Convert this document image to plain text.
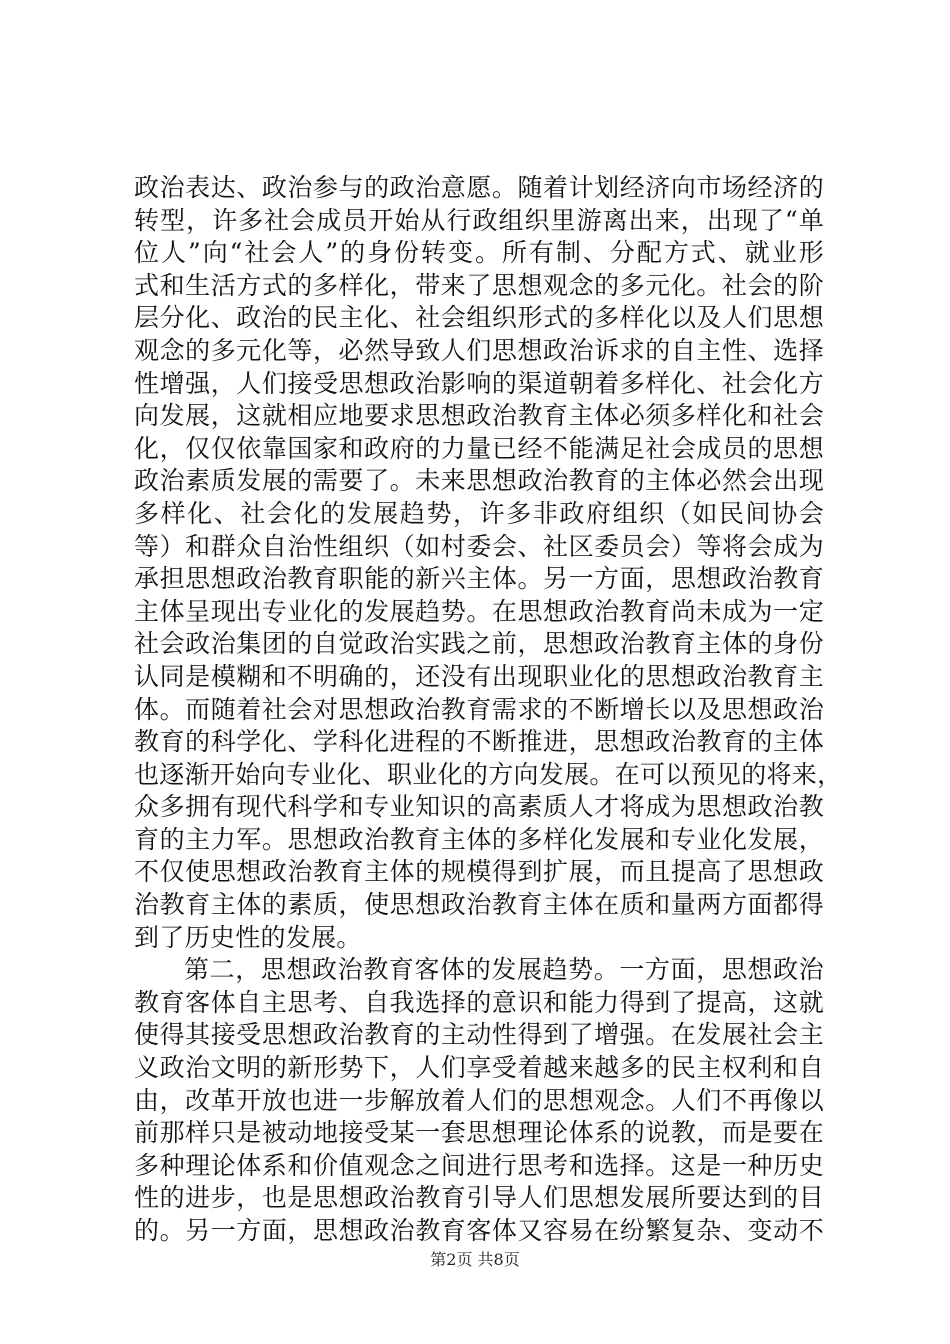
政治表达、政治参与的政治意愿。随着计划经济向市场经济的
转型，许多社会成员开始从行政组织里游离出来，出现了“单
位人”向“社会人”的身份转变。所有制、分配方式、就业形
式和生活方式的多样化，带来了思想观念的多元化。社会的阶
层分化、政治的民主化、社会组织形式的多样化以及人们思想
观念的多元化等，必然导致人们思想政治诉求的自主性、选择
性增强，人们接受思想政治影响的渠道朝着多样化、社会化方
向发展，这就相应地要求思想政治教育主体必须多样化和社会
化，仅仅依靠国家和政府的力量已经不能满足社会成员的思想
政治素质发展的需要了。未来思想政治教育的主体必然会出现
多样化、社会化的发展趋势，许多非政府组织（如民间协会
等）和群众自治性组织（如村委会、社区委员会）等将会成为
承担思想政治教育职能的新兴主体。另一方面，思想政治教育
主体呈现出专业化的发展趋势。在思想政治教育尚未成为一定
社会政治集团的自觉政治实践之前，思想政治教育主体的身份
认同是模糊和不明确的，还没有出现职业化的思想政治教育主
体。而随着社会对思想政治教育需求的不断增长以及思想政治
教育的科学化、学科化进程的不断推进，思想政治教育的主体
也逐渐开始向专业化、职业化的方向发展。在可以预见的将来，
众多拥有现代科学和专业知识的高素质人才将成为思想政治教
育的主力军。思想政治教育主体的多样化发展和专业化发展，
不仅使思想政治教育主体的规模得到扩展，而且提高了思想政
治教育主体的素质，使思想政治教育主体在质和量两方面都得
到了历史性的发展。
第二，思想政治教育客体的发展趋势。一方面，思想政治
教育客体自主思考、自我选择的意识和能力得到了提高，这就
使得其接受思想政治教育的主动性得到了增强。在发展社会主
义政治文明的新形势下，人们享受着越来越多的民主权利和自
由，改革开放也进一步解放着人们的思想观念。人们不再像以
前那样只是被动地接受某一套思想理论体系的说教，而是要在
多种理论体系和价值观念之间进行思考和选择。这是一种历史
性的进步，也是思想政治教育引导人们思想发展所要达到的目
的。另一方面，思想政治教育客体又容易在纷繁复杂、变动不
第2页 共8页
